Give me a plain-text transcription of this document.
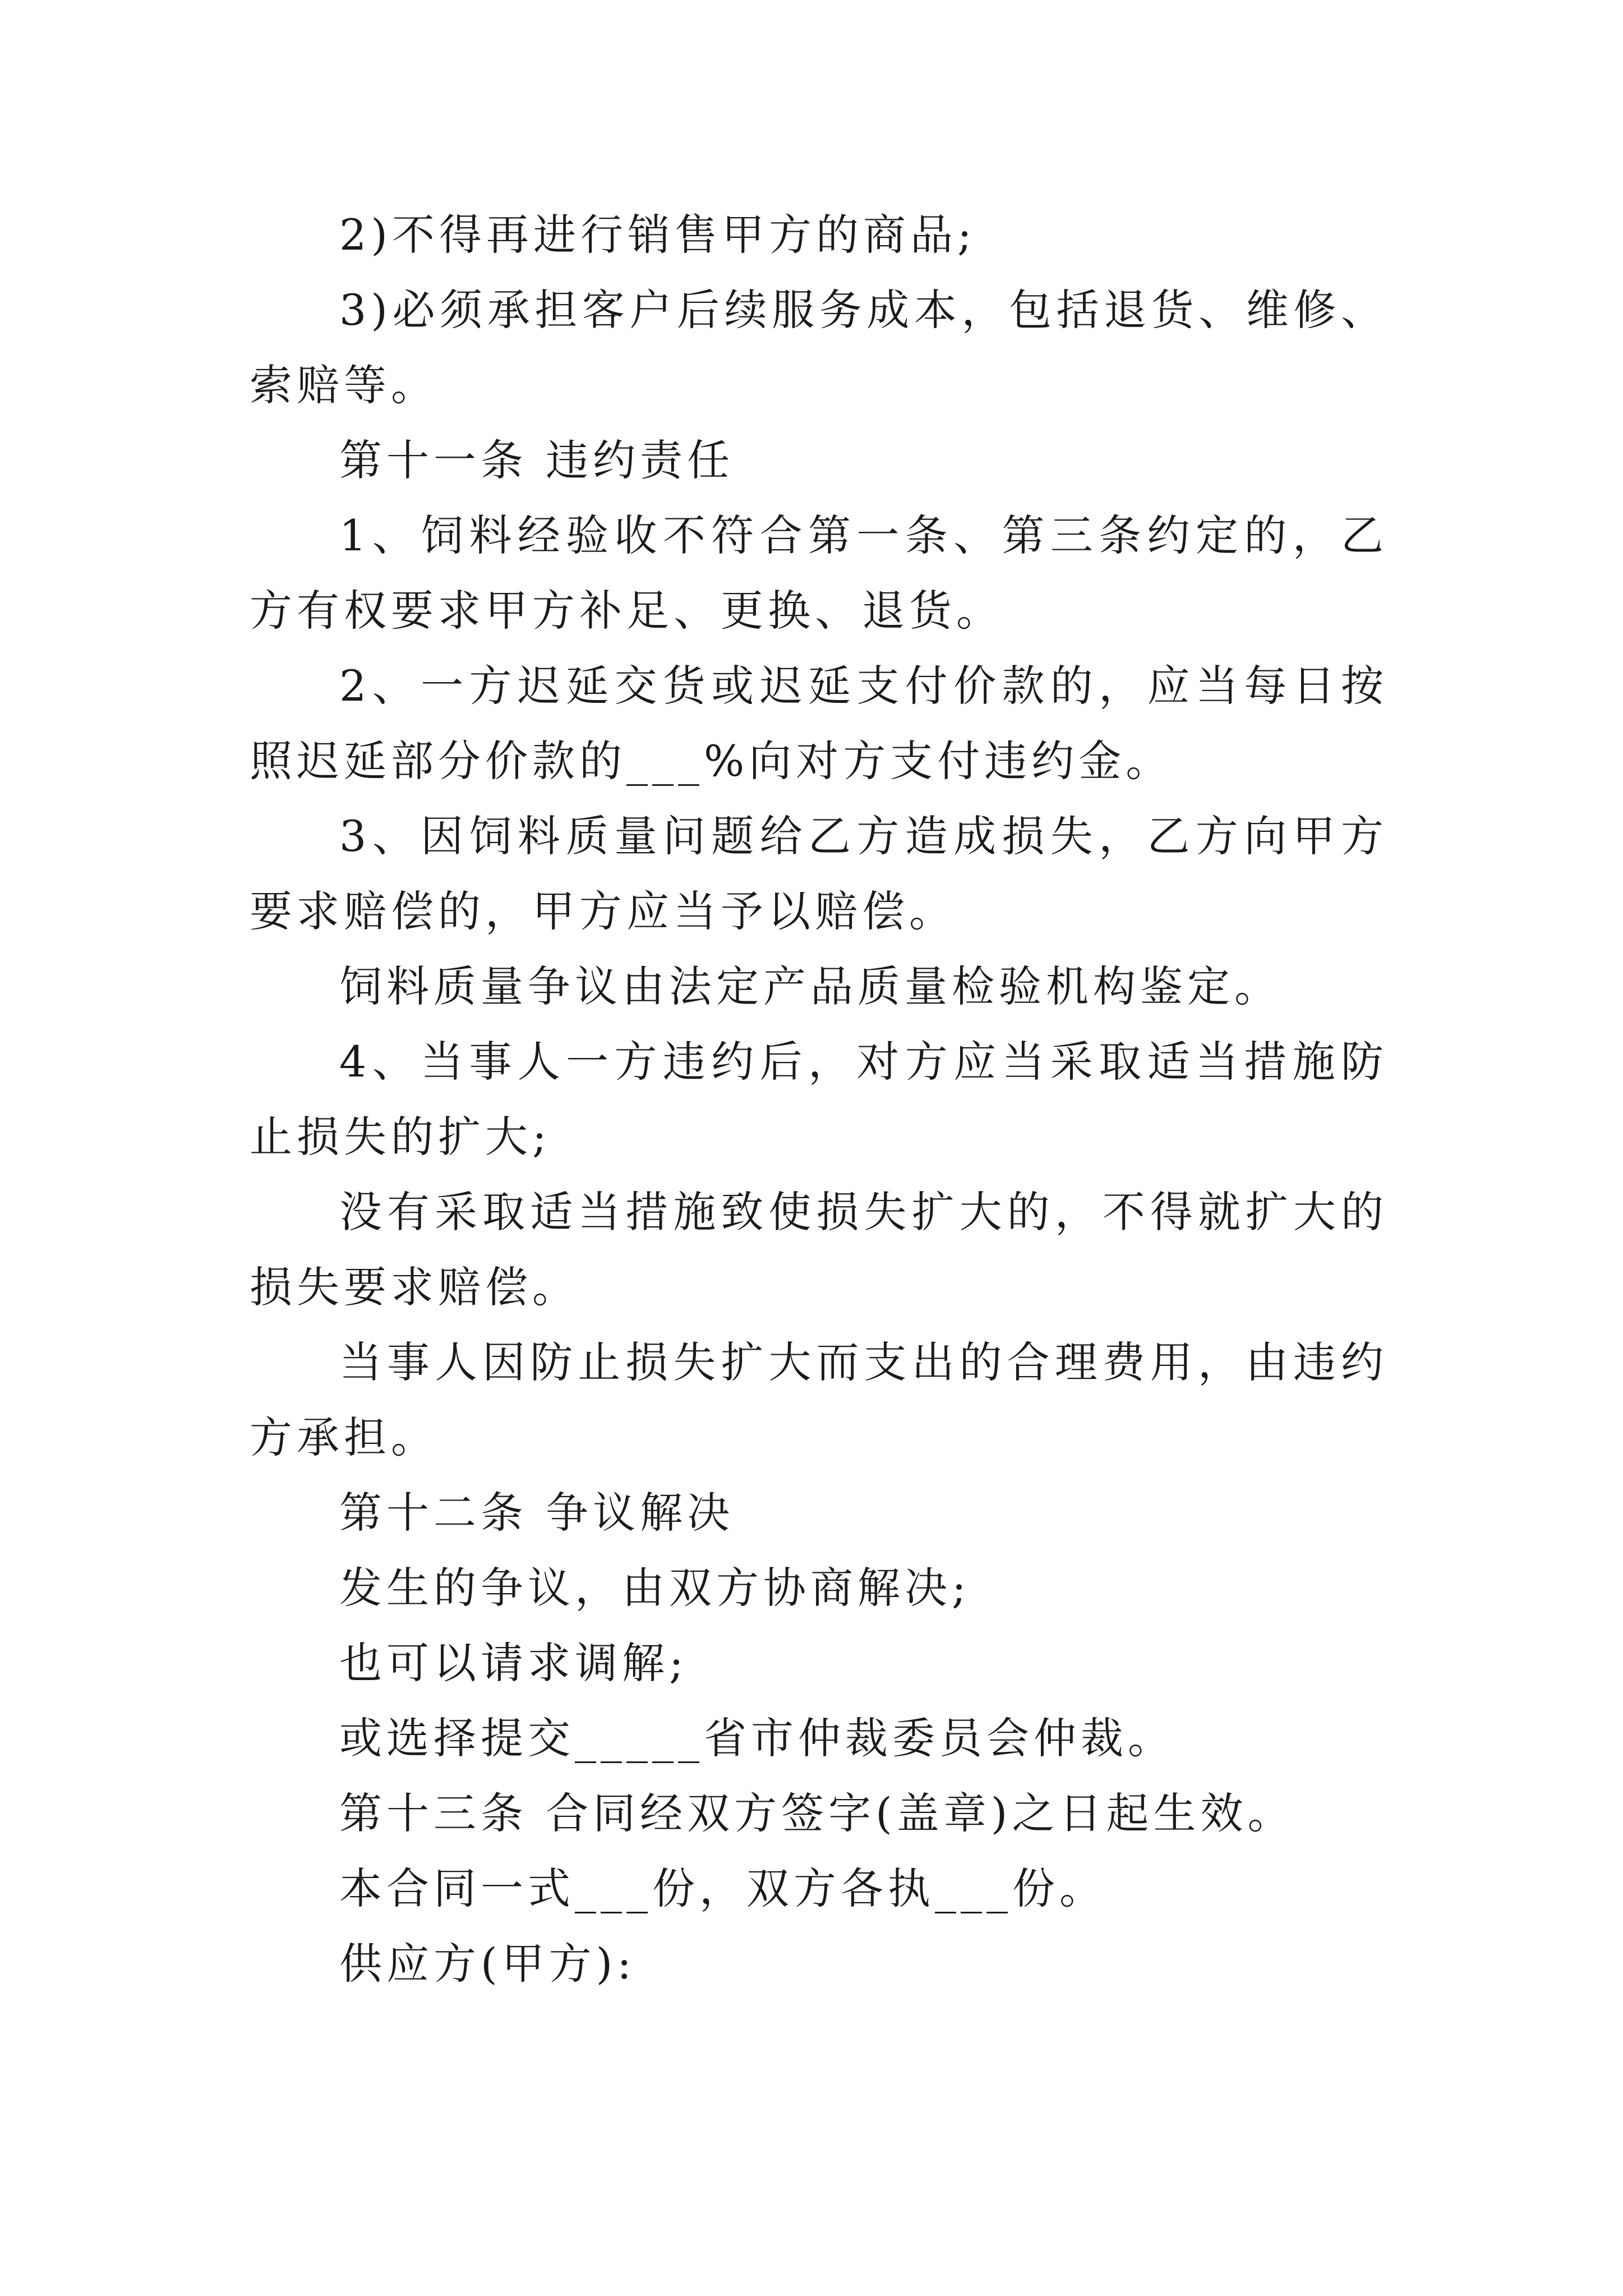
2)不得再进行销售甲方的商品;

3)必须承担客户后续服务成本，包括退货、维修、索赔等。

第十一条 违约责任

1、饲料经验收不符合第一条、第三条约定的，乙方有权要求甲方补足、更换、退货。

2、一方迟延交货或迟延支付价款的，应当每日按照迟延部分价款的___%向对方支付违约金。

3、因饲料质量问题给乙方造成损失，乙方向甲方要求赔偿的，甲方应当予以赔偿。

饲料质量争议由法定产品质量检验机构鉴定。

4、当事人一方违约后，对方应当采取适当措施防止损失的扩大;

没有采取适当措施致使损失扩大的，不得就扩大的损失要求赔偿。

当事人因防止损失扩大而支出的合理费用，由违约方承担。

第十二条 争议解决

发生的争议，由双方协商解决;

也可以请求调解;

或选择提交_____省市仲裁委员会仲裁。

第十三条 合同经双方签字(盖章)之日起生效。

本合同一式___份，双方各执___份。

供应方(甲方):
